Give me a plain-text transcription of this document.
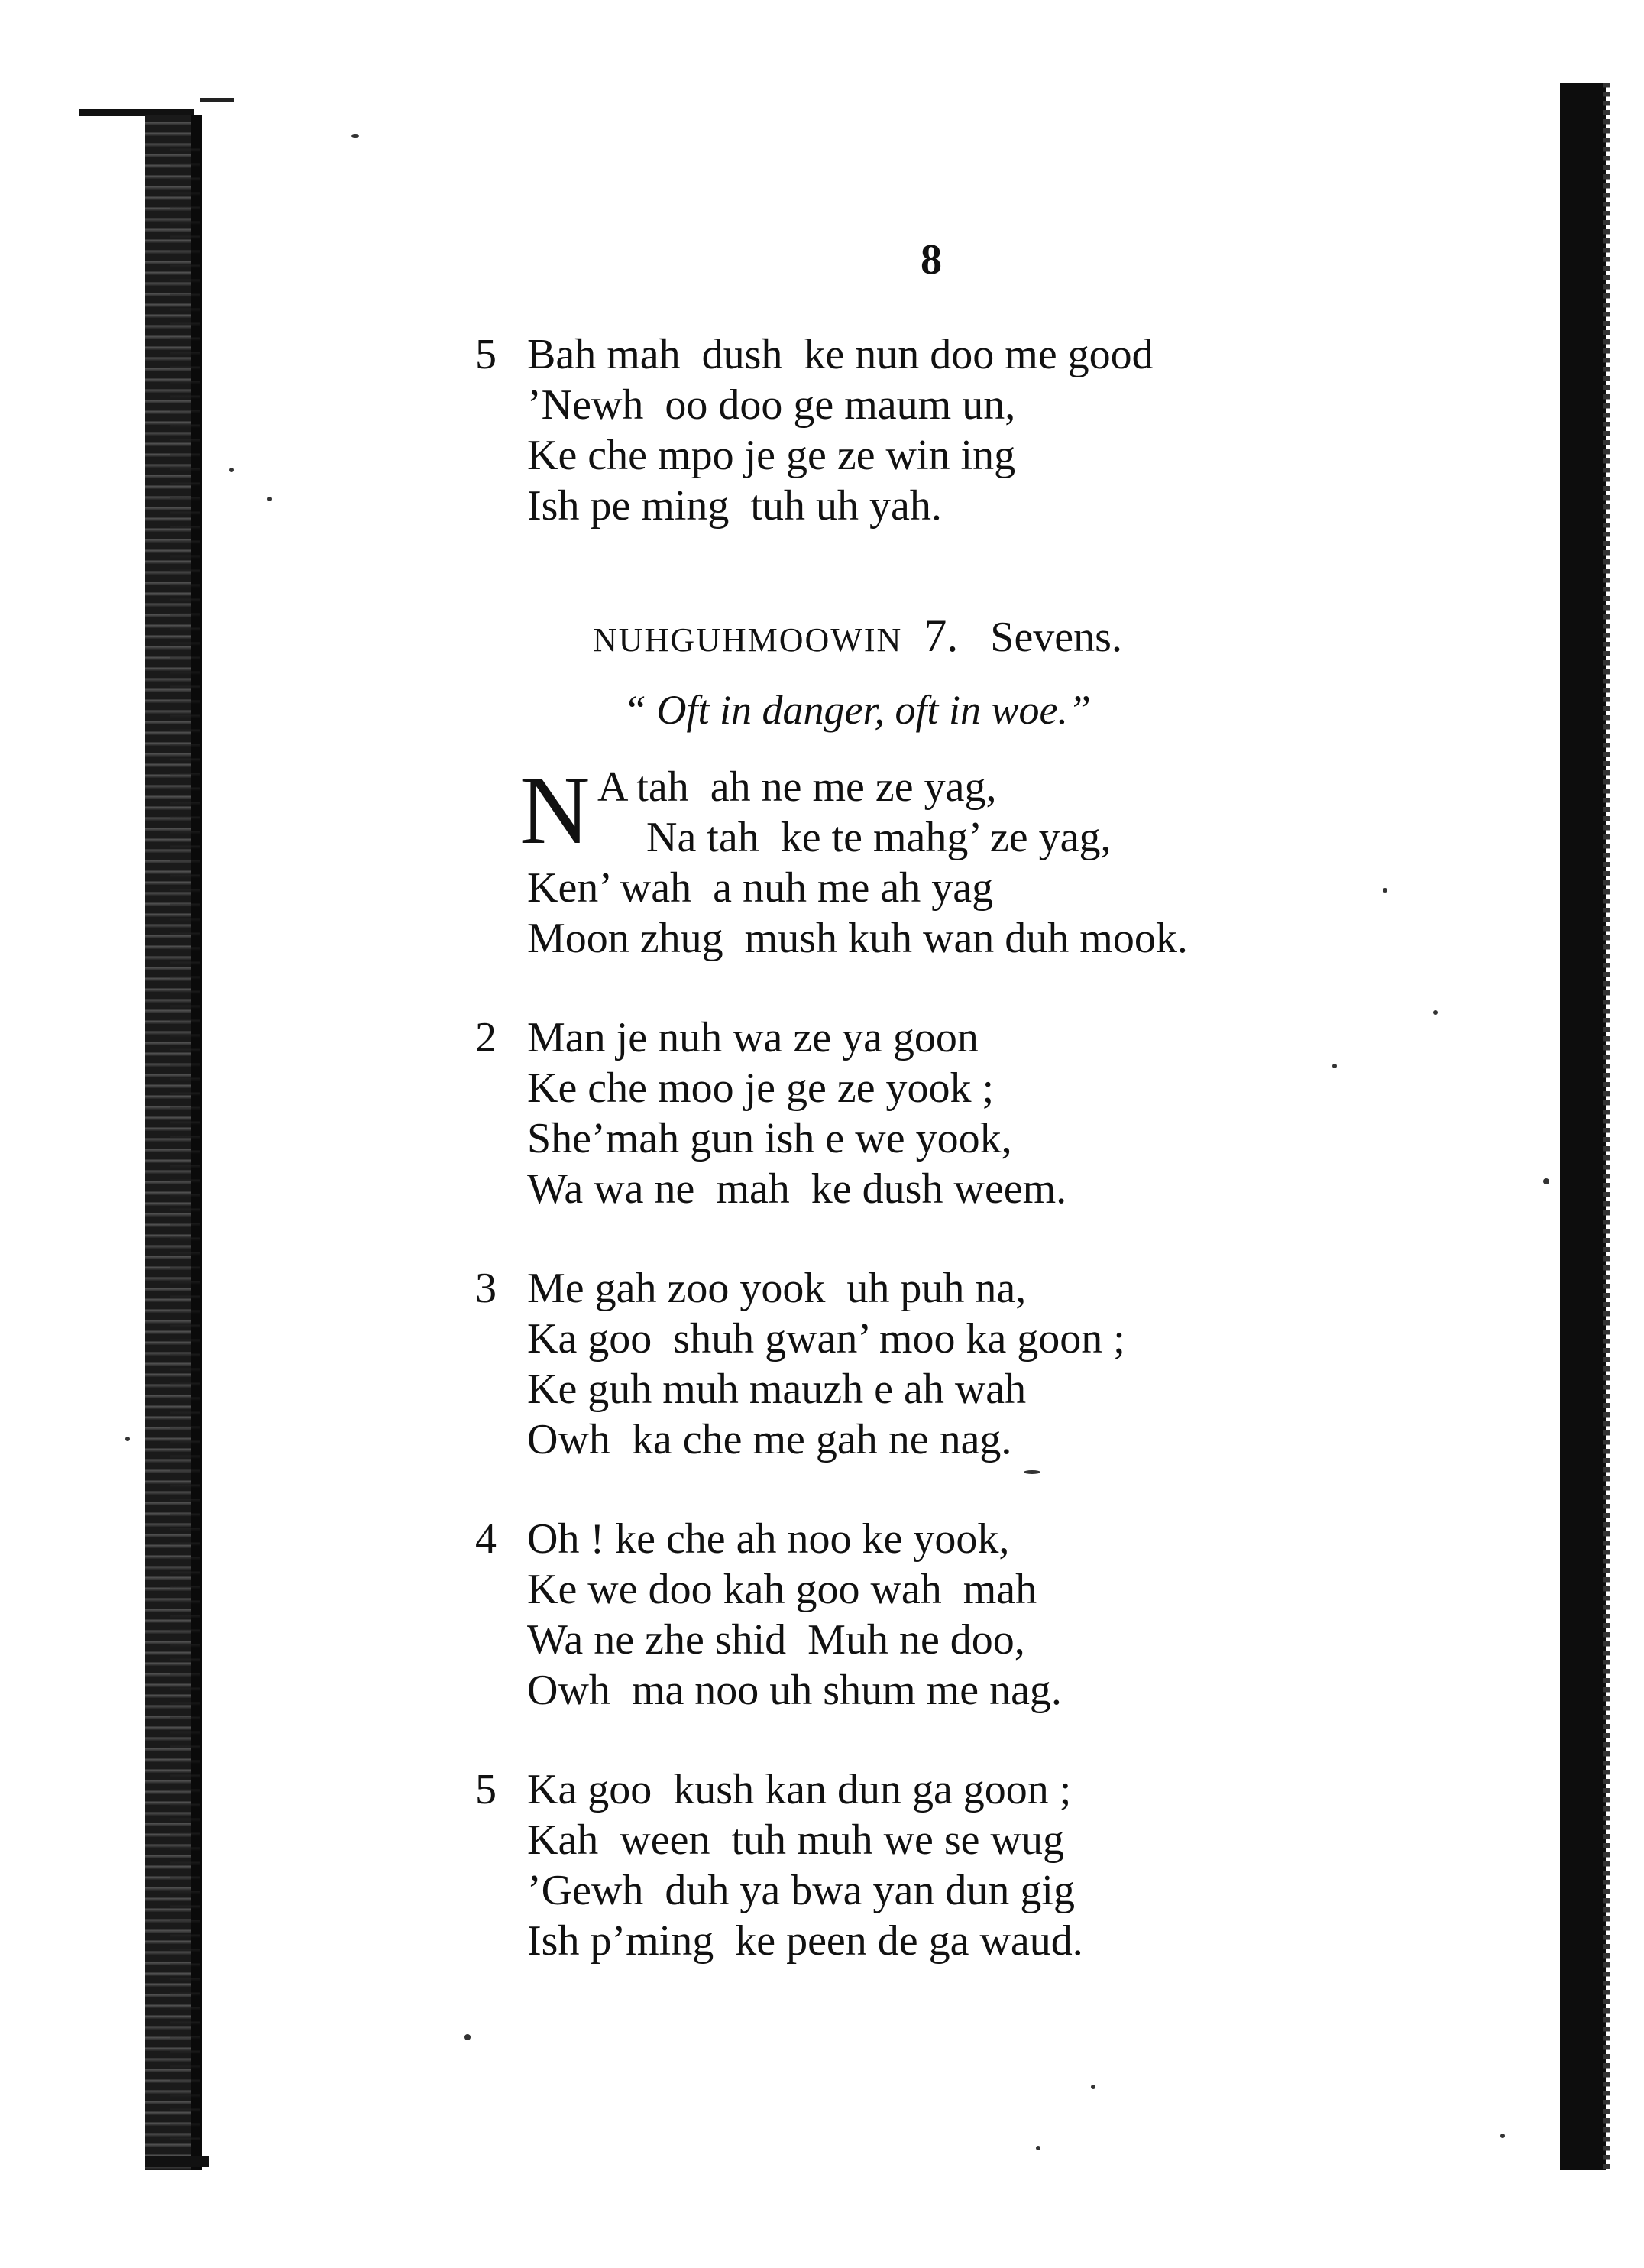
8
5 Bah mah  dush  ke nun doo me good
’Newh  oo doo ge maum un,
Ke che mpo je ge ze win ing
Ish pe ming  tuh uh yah.
NUHGUHMOOWIN 7. Sevens.
“ Oft in danger, oft in woe.”
N A tah  ah ne me ze yag,
Na tah  ke te mahg’ ze yag,
Ken’ wah  a nuh me ah yag
Moon zhug  mush kuh wan duh mook.
2 Man je nuh wa ze ya goon
Ke che moo je ge ze yook ;
She’mah gun ish e we yook,
Wa wa ne  mah  ke dush weem.
3 Me gah zoo yook  uh puh na,
Ka goo  shuh gwan’ moo ka goon ;
Ke guh muh mauzh e ah wah
Owh  ka che me gah ne nag.
4 Oh ! ke che ah noo ke yook,
Ke we doo kah goo wah  mah
Wa ne zhe shid  Muh ne doo,
Owh  ma noo uh shum me nag.
5 Ka goo  kush kan dun ga goon ;
Kah  ween  tuh muh we se wug
’Gewh  duh ya bwa yan dun gig
Ish p’ming  ke peen de ga waud.
